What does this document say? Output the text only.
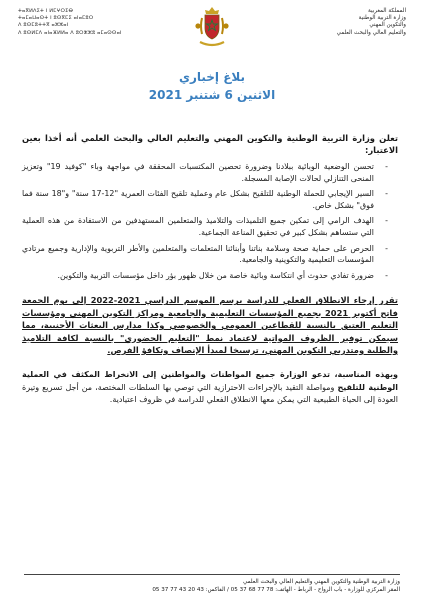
ⵜⴰⴳⵍⴷⵉⵜ ⵏ ⵍⵎⵖⵔⵉⴱ
ⵜⴰⵎⴰⵡⴰⵙⵜ ⵏ ⵓⵙⴳⵎⵉ ⴰⵏⴰⵎⵓⵔ
ⴷ ⵓⵙⵎⵓⵜⵜⴳ ⴰⵣⵣⴰⵏ
ⴷ ⵓⵙⵍⵎⴷ ⴰⵏⴰⴼⵍⵍⴰ ⴷ ⵓⵔⵣⵣⵓ ⴰⵎⴰⵙⵙⴰⵏ
المملكة المغربية
وزارة التربية الوطنية
والتكوين المهني
والتعليم العالي والبحث العلمي
بلاغ إخباري
الاثنين 6 شتنبر 2021

تعلن وزارة التربية الوطنية والتكوين المهني والتعليم العالي والبحث العلمي أنه أخذا بعين الاعتبار:

-
تحسن الوضعية الوبائية ببلادنا وضرورة تحصين المكتسبات المحققة في مواجهة وباء "كوفيد 19" وتعزيز المنحى التنازلي لحالات الإصابة المسجلة.
-
السير الإيجابي للحملة الوطنية للتلقيح بشكل عام وعملية تلقيح الفئات العمرية "12-17 سنة" و"18 سنة فما فوق" بشكل خاص.
-
الهدف الرامي إلى تمكين جميع التلميذات والتلاميذ والمتعلمين المستهدفين من الاستفادة من هذه العملية التي ستساهم بشكل كبير في تحقيق المناعة الجماعية.
-
الحرص على حماية صحة وسلامة بناتنا وأبنائنا المتعلمات والمتعلمين والأطر التربوية والإدارية وجميع مرتادي المؤسسات التعليمية والتكوينية والجامعية.
-
ضرورة تفادي حدوث أي انتكاسة وبائية خاصة من خلال ظهور بؤر داخل مؤسسات التربية والتكوين.

تقرر إرجاء الانطلاق الفعلي للدراسة برسم الموسم الدراسي 2021-2022 إلى يوم الجمعة فاتح أكتوبر 2021 بجميع المؤسسات التعليمية والجامعية ومراكز التكوين المهني ومؤسسات التعليم العتيق بالنسبة للقطاعين العمومي والخصوصي وكذا مدارس البعثات الأجنبية، مما سيمكن توفير الظروف المواتية لاعتماد نمط "التعليم الحضوري" بالنسبة لكافة التلاميذ والطلبة ومتدربي التكوين المهني، ترسيخا لمبدأ الإنصاف وتكافؤ الفرص.

وبهذه المناسبة، تدعو الوزارة جميع المواطنات والمواطنين إلى الانخراط المكثف في العملية الوطنية للتلقيح ومواصلة التقيد بالإجراءات الاحترازية التي توصي بها السلطات المختصة، من أجل تسريع وتيرة العودة إلى الحياة الطبيعية التي يمكن معها الانطلاق الفعلي للدراسة في ظروف اعتيادية.

وزارة التربية الوطنية والتكوين المهني والتعليم العالي والبحث العلمي
المقر المركزي للوزارة - باب الرواح - الرباط - الهاتف: 78 77 68 37 05 / الفاكس: 43 20 43 77 37 05
